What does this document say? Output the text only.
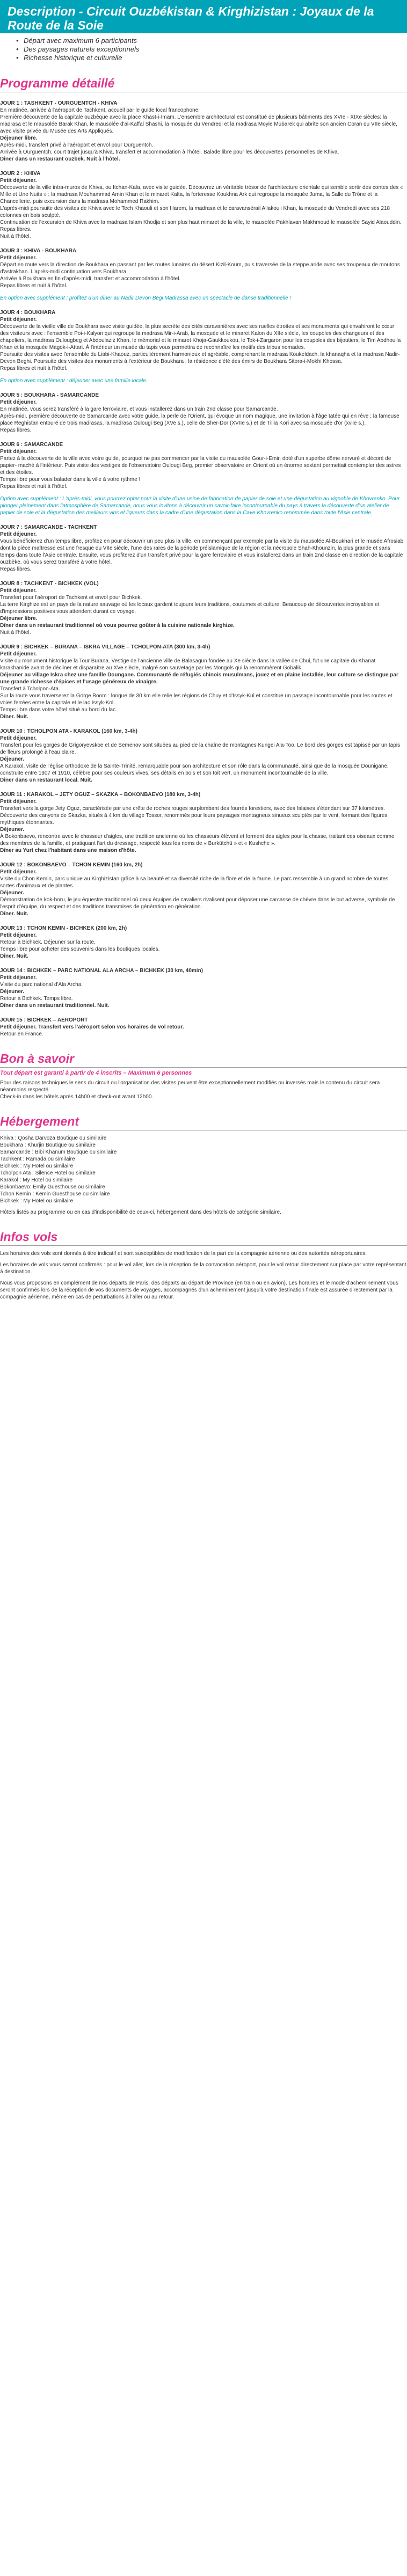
Description - Circuit Ouzbékistan & Kirghizistan : Joyaux de la Route de la Soie
• Départ avec maximum 6 participants
• Des paysages naturels exceptionnels
• Richesse historique et culturelle
Programme détaillé

JOUR 1 : TASHKENT - OURGUENTCH - KHIVA

En matinée, arrivée à l'aéroport de Tachkent, accueil par le guide local francophone.

Première découverte de la capitale ouzbèque avec la place Khast-i-Imam. L'ensemble architectural est constitué de plusieurs bâtiments des XVIe - XIXe siècles: la madrasa et le mausolée Barak Khan, le mausolée d'al-Kaffal Shashi, la mosquée du Vendredi et la madrasa Moyie Mubarek qui abrite son ancien Coran du VIIe siècle, avec visite privée du Musée des Arts Appliqués.

Déjeuner libre.

Après-midi, transfert privé à l'aéroport et envol pour Ourguentch.

Arrivée à Ourguentch, court trajet jusqu'à Khiva, transfert et accommodation à l'hôtel. Balade libre pour les découvertes personnelles de Khiva.

Dîner dans un restaurant ouzbek. Nuit à l'hôtel.

JOUR 2 : KHIVA

Petit déjeuner.

Découverte de la ville intra-muros de Khiva, ou Itchan-Kala, avec visite guidée. Découvrez un véritable trésor de l'architecture orientale qui semble sortir des contes des « Mille et Une Nuits » : la madrasa Mouhammad Amin Khan et le minaret Kalta, la forteresse Koukhna Ark qui regroupe la mosquée Juma, la Salle du Trône et la Chancellerie, puis excursion dans la madrasa Mohammed Rakhim.

L'après-midi poursuite des visites de Khiva avec le Tech Khaouli et son Harem, la madrasa et le caravansérail Allakouli Khan, la mosquée du Vendredi avec ses 218 colonnes en bois sculpté.

Continuation de l'excursion de Khiva avec la madrasa Islam Khodja et son plus haut minaret de la ville, le mausolée Pakhlavan Makhmoud le mausolée Sayid Alaouddin.

Repas libres.

Nuit à l'hôtel.

JOUR 3 : KHIVA - BOUKHARA

Petit déjeuner.

Départ en route vers la direction de Boukhara en passant par les routes lunaires du désert Kizil-Koum, puis traversée de la steppe aride avec ses troupeaux de moutons d'astrakhan. L'après-midi continuation vers Boukhara.

Arrivée à Boukhara en fin d'après-midi, transfert et accommodation à l'hôtel.

Repas libres et nuit à l'hôtel.

En option avec supplément : profitez d'un dîner au Nadir Devon Begi Madrassa avec un spectacle de danse traditionnelle !

JOUR 4 : BOUKHARA

Petit déjeuner.

Découverte de la vieille ville de Boukhara avec visite guidée, la plus secrète des cités caravanières avec ses ruelles étroites et ses monuments qui envahiront le cœur des visiteurs avec : l'ensemble Poi-i-Kalyon qui regroupe la madrasa Mir-i-Arab, la mosquée et le minaret Kalon du XIIe siècle, les coupoles des changeurs et des chapeliers, la madrasa Oulougbeg et Abdoulaziz Khan, le mémorial et le minaret Khoja-Gaukkoukou, le Tok-i-Zargaron pour les coupoles des bijoutiers, le Tim Abdhoulla Khan et la mosquée Magok-i-Attari. À l'intérieur un musée du tapis vous permettra de reconnaître les motifs des tribus nomades.

Poursuite des visites avec l'ensemble du Liabi-Khaouz, particulièrement harmonieux et agréable, comprenant la madrasa Koukeldach, la khanaqha et la madrasa Nadir-Devon Beghi. Poursuite des visites des monuments à l'extérieur de Boukhara : la résidence d'été des émirs de Boukhara Sitora-i-Mokhi Khossa.

Repas libres et nuit à l'hôtel.

En option avec supplément : déjeuner avec une famille locale.

JOUR 5 : BOUKHARA - SAMARCANDE

Petit déjeuner.

En matinée, vous serez transféré à la gare ferroviaire, et vous installerez dans un train 2nd classe pour Samarcande.

Après-midi, première découverte de Samarcande avec votre guide, la perle de l'Orient, qui évoque un nom magique, une invitation à l'âge tatée qui en rêve ; la fameuse place Reghistan entouré de trois madrasas, la madrasa Oulougi Beg (XVe s.), celle de Sher-Dor (XVIIe s.) et de Tillia Kori avec sa mosquée d'or (xviie s.).

Repas libres.

JOUR 6 : SAMARCANDE

Petit déjeuner.

Partez à la découverte de la ville avec votre guide, pourquoi ne pas commencer par la visite du mausolée Gour-i-Emir, doté d'un superbe dôme nervuré et décoré de papier- maché à l'intérieur. Puis visite des vestiges de l'observatoire Oulougi Beg, premier observatoire en Orient où un énorme sextant permettait contempler des astres et des étoiles.

Temps libre pour vous balader dans la ville à votre rythme !

Repas libres et nuit à l'hôtel.

Option avec supplément : L'après-midi, vous pourrez opter pour la visite d'une usine de fabrication de papier de soie et une dégustation au vignoble de Khovrenko. Pour plonger pleinement dans l'atmosphère de Samarcande, nous vous invitons à découvrir un savoir-faire incontournable du pays à travers la découverte d'un atelier de papier de soie et la dégustation des meilleurs vins et liqueurs dans la cadre d'une dégustation dans la Cave Khovrenko renommée dans toute l'Asie centrale.

JOUR 7 : SAMARCANDE - TACHKENT

Petit déjeuner.

Vous bénéficierez d'un temps libre, profitez en pour découvrir un peu plus la ville, en commençant par exemple par la visite du mausolée Al-Boukhari et le musée Afrosiab dont la pièce maîtresse est une fresque du VIIe siècle, l'une des rares de la période préislamique de la région et la nécropole Shah-Khounzin, la plus grande et sans temps dans toute l'Asie centrale. Ensuite, vous profiterez d'un transfert privé pour la gare ferroviaire et vous installerez dans un train 2nd classe en direction de la capitale ouzbèke, où vous serez transféré à votre hôtel.

Repas libres.

JOUR 8 : TACHKENT - BICHKEK (VOL)

Petit déjeuner.

Transfert pour l'aéroport de Tachkent et envol pour Bichkek.

La terre Kirghize est un pays de la nature sauvage où les locaux gardent toujours leurs traditions, coutumes et culture. Beaucoup de découvertes incroyables et d'impressions positives vous attendent durant ce voyage.

Déjeuner libre.

Dîner dans un restaurant traditionnel où vous pourrez goûter à la cuisine nationale kirghize.

Nuit à l'hôtel.

JOUR 9 : BICHKEK – BURANA – ISKRA VILLAGE – TCHOLPON-ATA (300 km, 3-4h)

Petit déjeuner.

Visite du monument historique la Tour Burana. Vestige de l'ancienne ville de Balasagun fondée au Xe siècle dans la vallée de Chui, fut une capitale du Khanat karakhanide avant de décliner et disparaître au XVe siècle, malgré son sauvetage par les Mongols qui la renommèrent Gobalik.

Déjeuner au village Iskra chez une famille Doungane. Communauté de réfugiés chinois musulmans, jouez et en plaine installée, leur culture se distingue par une grande richesse d'épices et l'usage généreux de vinaigre.

Transfert à Tcholpon-Ata.

Sur la route vous traverserez la Gorge Boom : longue de 30 km elle relie les régions de Chuy et d'Issyk-Kul et constitue un passage incontournable pour les routes et voies ferrées entre la capitale et le lac Issyk-Kol.

Temps libre dans votre hôtel situé au bord du lac.

Dîner. Nuit.

JOUR 10 : TCHOLPON ATA - KARAKOL (160 km, 3-4h)

Petit déjeuner.

Transfert pour les gorges de Grigoryevskoe et de Semenov sont situées au pied de la chaîne de montagnes Kungei Ala-Too. Le bord des gorges est tapissé par un tapis de fleurs prolongé à l'eau claire.

Déjeuner.

À Karakol, visite de l'église orthodoxe de la Sainte-Trinité, remarquable pour son architecture et son rôle dans la communauté, ainsi que de la mosquée Dounigane, construite entre 1907 et 1910, célèbre pour ses couleurs vives, ses détails en bois et son toit vert, un monument incontournable de la ville.

Dîner dans un restaurant local. Nuit.

JOUR 11 : KARAKOL – JETY OGUZ – SKAZKA – BOKONBAEVO (180 km, 3-4h)

Petit déjeuner.

Transfert vers la gorge Jety Oguz, caractérisée par une crête de roches rouges surplombant des fourrés forestiers, avec des falaises s'étendant sur 37 kilomètres.

Découverte des canyons de Skazka, situés à 4 km du village Tossor, renommés pour leurs paysages montagneux sinueux sculptés par le vent, formant des figures mythiques étonnantes.

Déjeuner.

À Bokonbaevo, rencontre avec le chasseur d'aigles, une tradition ancienne où les chasseurs élèvent et forment des aigles pour la chasse, traitant ces oiseaux comme des membres de la famille, et pratiquant l'art du dressage, respecté tous les noms de « Burkütchü » et « Kushche ».

Dîner au Yurt chez l'habitant dans une maison d'hôte.

JOUR 12 : BOKONBAEVO – TCHON KEMIN (160 km, 2h)

Petit déjeuner.

Visite du Chon Kemin, parc unique au Kirghizistan grâce à sa beauté et sa diversité riche de la flore et de la faune. Le parc ressemble à un grand nombre de toutes sortes d'animaux et de plantes.

Déjeuner.

Démonstration de kok-boru, le jeu équestre traditionnel où deux équipes de cavaliers rivalisent pour déposer une carcasse de chèvre dans le but adverse, symbole de l'esprit d'équipe, du respect et des traditions transmises de génération en génération.

Dîner. Nuit.

JOUR 13 : TCHON KEMIN - BICHKEK (200 km, 2h)

Petit déjeuner.

Retour à Bichkek. Déjeuner sur la route.

Temps libre pour acheter des souvenirs dans les boutiques locales.

Dîner. Nuit.

JOUR 14 : BICHKEK – PARC NATIONAL ALA ARCHA – BICHKEK (30 km, 40min)

Petit déjeuner.

Visite du parc national d'Ala Archa.

Déjeuner.

Retour à Bichkek. Temps libre.

Dîner dans un restaurant traditionnel. Nuit.

JOUR 15 : BICHKEK – AEROPORT

Petit déjeuner. Transfert vers l'aéroport selon vos horaires de vol retour.

Retour en France.

Bon à savoir

Tout départ est garanti à partir de 4 inscrits – Maximum 6 personnes

Pour des raisons techniques le sens du circuit ou l'organisation des visites peuvent être exceptionnellement modifiés ou inversés mais le contenu du circuit sera néanmoins respecté.

Check-in dans les hôtels après 14h00 et check-out avant 12h00.

Hébergement

Khiva : Qosha Darvoza Boutique ou similaire

Boukhara : Khurjin Boutique ou similaire

Samarcande : Bibi Khanum Boutique ou similaire

Tachkent : Ramada ou similaire

Bichkek : My Hotel ou similaire

Tcholpon Ata : Silence Hotel ou similaire

Karakol : My Hotel ou similaire

Bokonbaevo: Emily Guesthouse ou similaire

Tchon Kemin : Kemin Guesthouse ou similaire

Bichkek : My Hotel ou similaire

Hôtels listés au programme ou en cas d'indisponibilité de ceux-ci, hébergement dans des hôtels de catégorie similaire.

Infos vols

Les horaires des vols sont donnés à titre indicatif et sont susceptibles de modification de la part de la compagnie aérienne ou des autorités aéroportuaires.

Les horaires de vols vous seront confirmés : pour le vol aller, lors de la réception de la convocation aéroport, pour le vol retour directement sur place par votre représentant à destination.

Nous vous proposons en complément de nos départs de Paris, des départs au départ de Province (en train ou en avion). Les horaires et le mode d'acheminement vous seront confirmés lors de la réception de vos documents de voyages, accompagnés d'un acheminement jusqu'à votre destination finale est assurée directement par la compagnie aérienne, même en cas de perturbations à l'aller ou au retour.
